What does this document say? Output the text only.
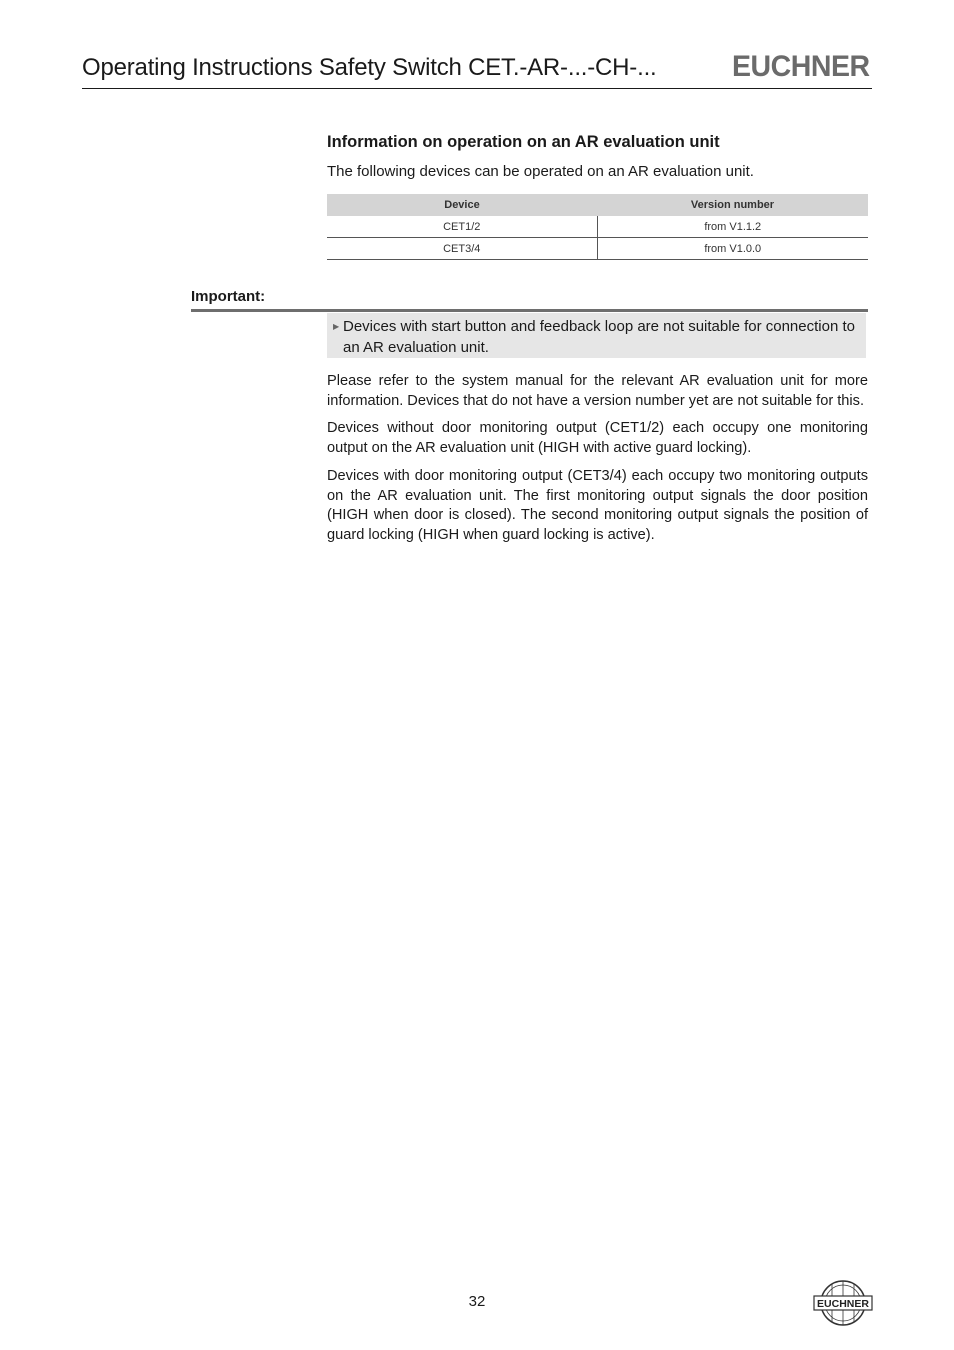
Operating Instructions Safety Switch CET.-AR-...-CH-...	EUCHNER
Information on operation on an AR evaluation unit
The following devices can be operated on an AR evaluation unit.
Device	Version number
CET1/2	from V1.1.2
CET3/4	from V1.0.0
Important:
▶ Devices with start button and feedback loop are not suitable for connection to an AR evaluation unit.

Please refer to the system manual for the relevant AR evaluation unit for more information. Devices that do not have a version number yet are not suitable for this.

Devices without door monitoring output (CET1/2) each occupy one monitoring output on the AR evaluation unit (HIGH with active guard locking).

Devices with door monitoring output (CET3/4) each occupy two monitoring outputs on the AR evaluation unit. The first monitoring output signals the door position (HIGH when door is closed). The second monitoring output signals the position of guard locking (HIGH when guard locking is active).

32	EUCHNER
